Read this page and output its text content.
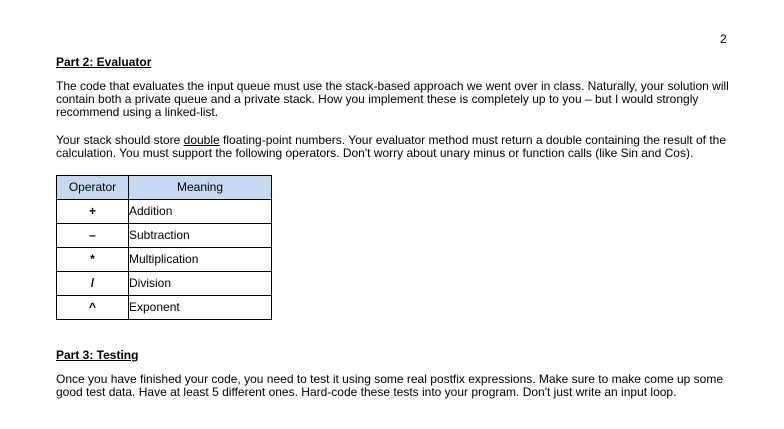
2
Part 2: Evaluator
The code that evaluates the input queue must use the stack-based approach we went over in class. Naturally, your solution will contain both a private queue and a private stack. How you implement these is completely up to you – but I would strongly recommend using a linked-list.
Your stack should store double floating-point numbers. Your evaluator method must return a double containing the result of the calculation. You must support the following operators. Don't worry about unary minus or function calls (like Sin and Cos).
Operator	Meaning
+	Addition
–	Subtraction
*	Multiplication
/	Division
^	Exponent
Part 3: Testing
Once you have finished your code, you need to test it using some real postfix expressions. Make sure to make come up some good test data. Have at least 5 different ones. Hard-code these tests into your program. Don't just write an input loop.
